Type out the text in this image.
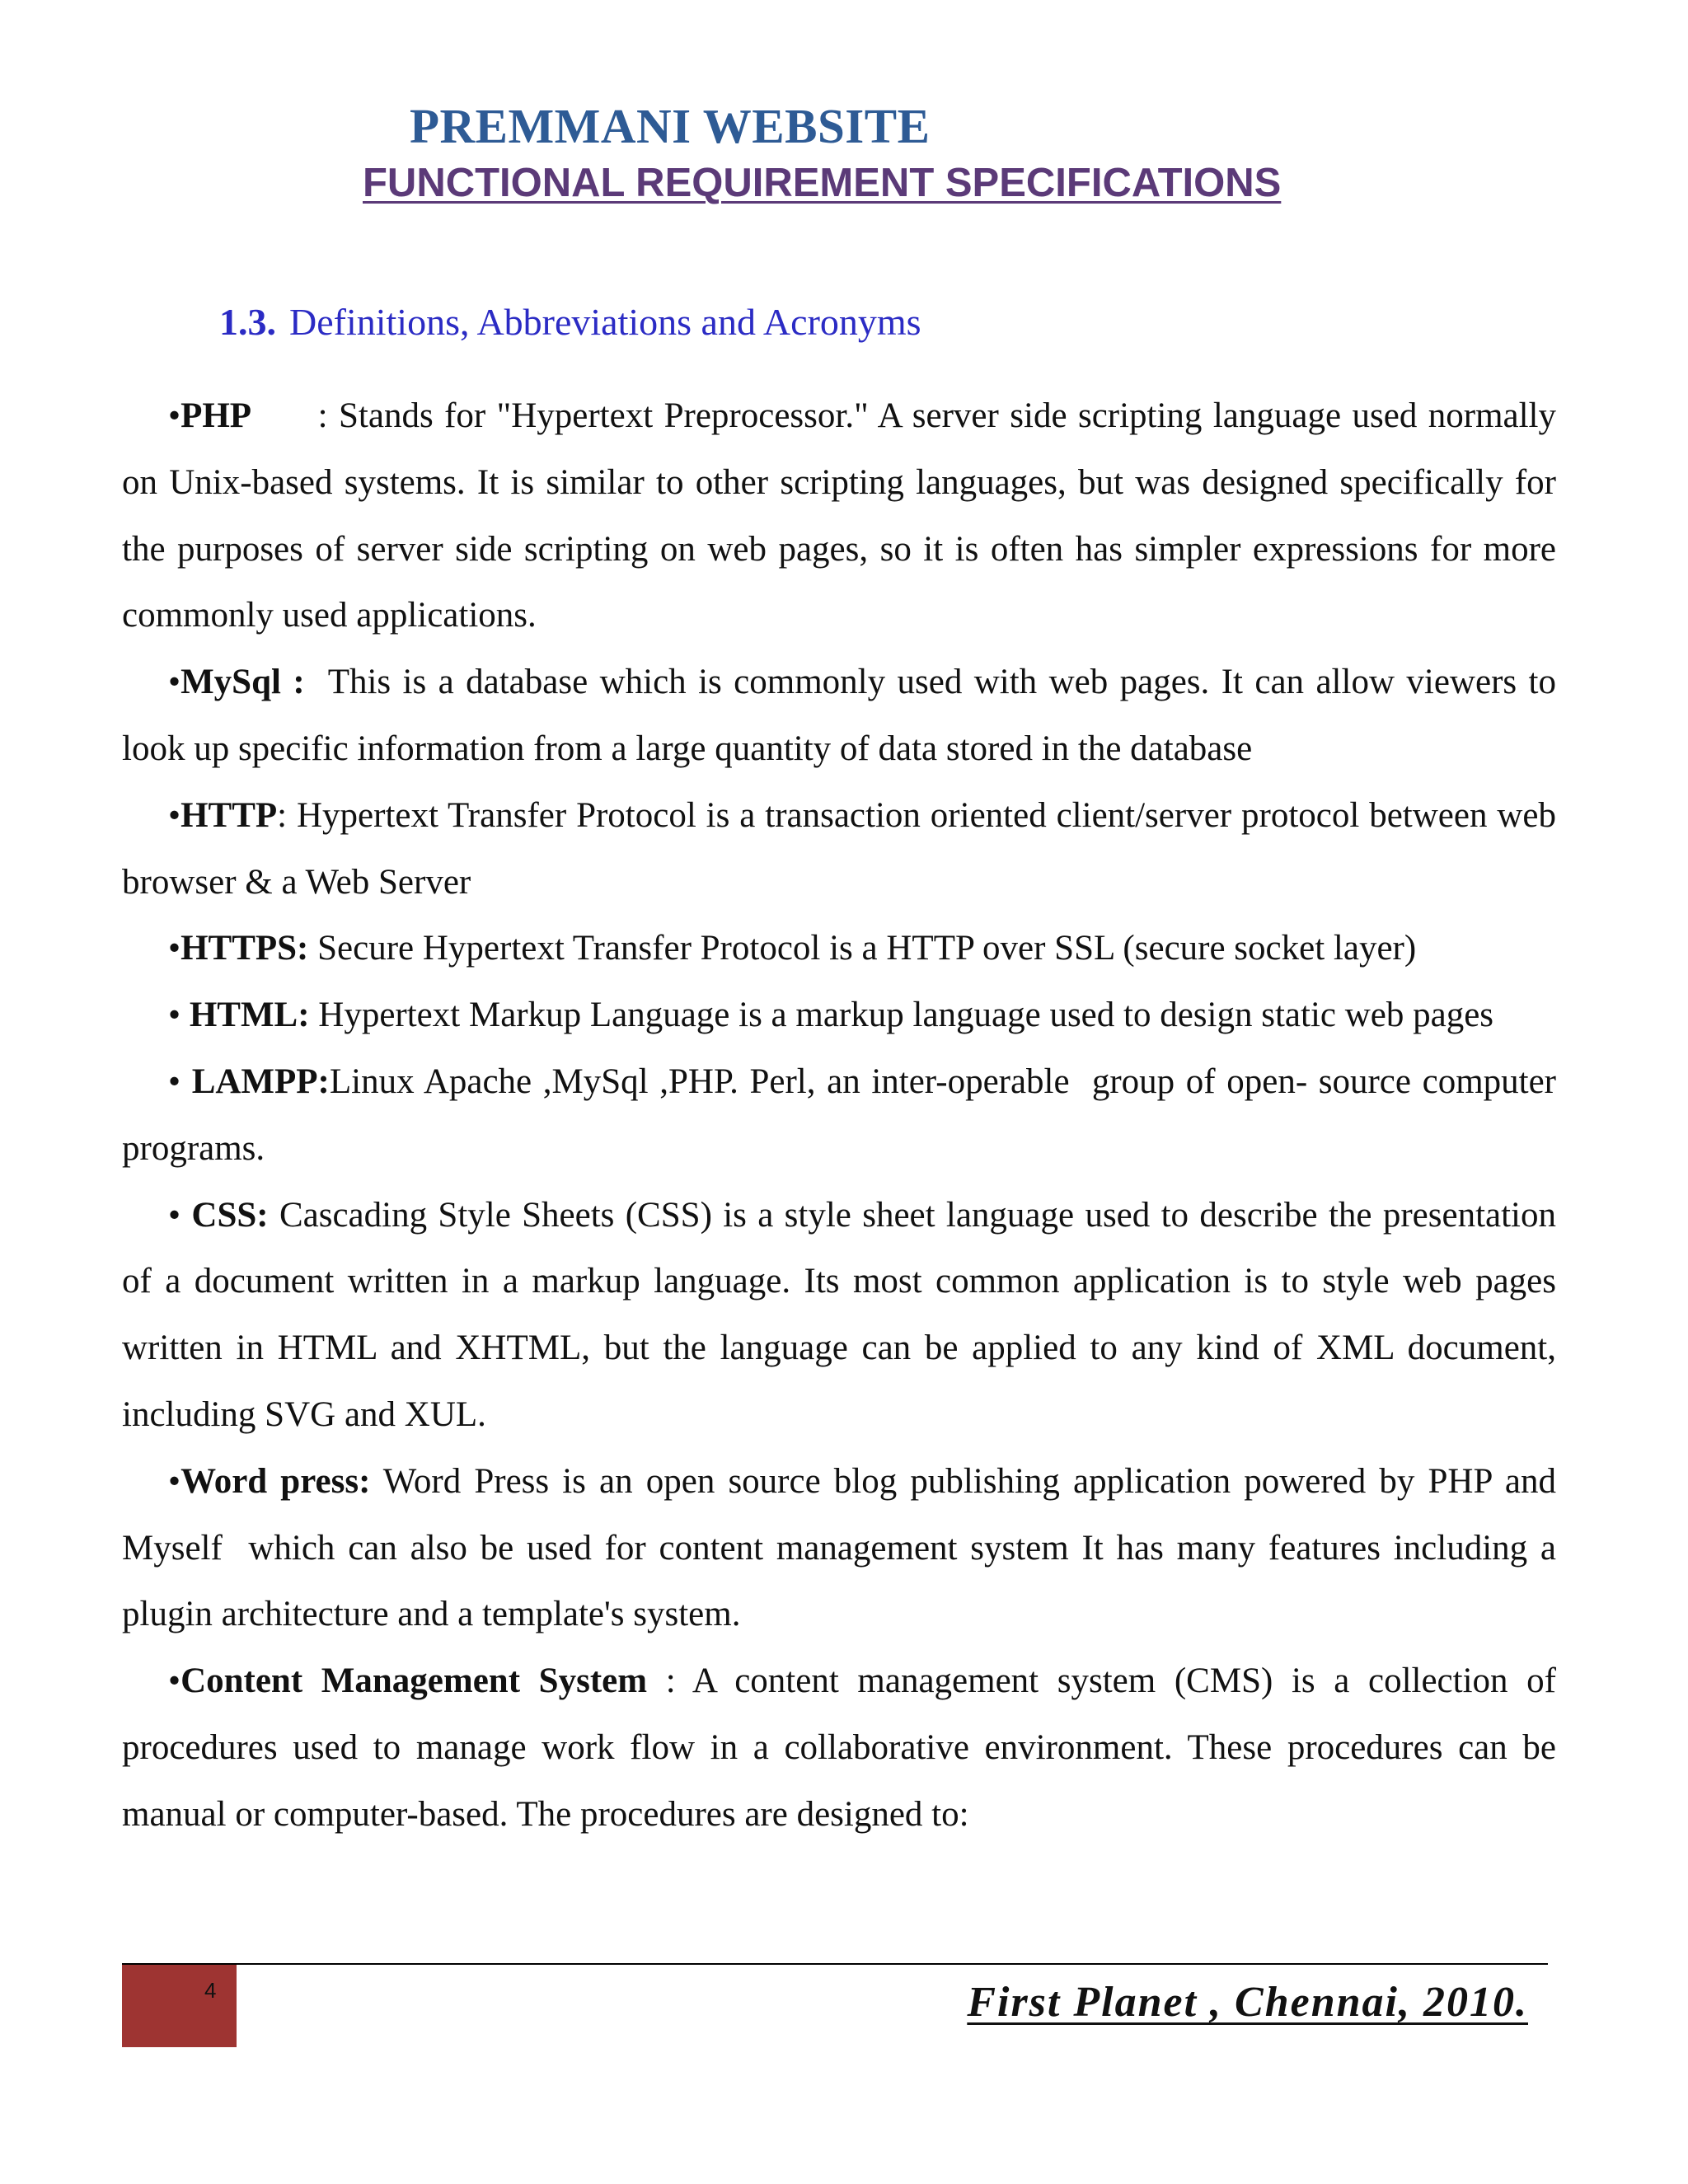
PREMMANI WEBSITE
FUNCTIONAL REQUIREMENT SPECIFICATIONS
1.3. Definitions, Abbreviations and Acronyms

•PHP      : Stands for "Hypertext Preprocessor." A server side scripting language used normally on Unix-based systems. It is similar to other scripting languages, but was designed specifically for the purposes of server side scripting on web pages, so it is often has simpler expressions for more commonly used applications.

•MySql :  This is a database which is commonly used with web pages. It can allow viewers to look up specific information from a large quantity of data stored in the database

•HTTP: Hypertext Transfer Protocol is a transaction oriented client/server protocol between web browser & a Web Server

•HTTPS: Secure Hypertext Transfer Protocol is a HTTP over SSL (secure socket layer)

• HTML: Hypertext Markup Language is a markup language used to design static web pages

• LAMPP:Linux Apache ,MySql ,PHP. Perl, an inter-operable  group of open- source computer programs.

• CSS: Cascading Style Sheets (CSS) is a style sheet language used to describe the presentation of a document written in a markup language. Its most common application is to style web pages written in HTML and XHTML, but the language can be applied to any kind of XML document, including SVG and XUL.

•Word press: Word Press is an open source blog publishing application powered by PHP and Myself  which can also be used for content management system It has many features including a plugin architecture and a template's system.

•Content Management System : A content management system (CMS) is a collection of procedures used to manage work flow in a collaborative environment. These procedures can be manual or computer-based. The procedures are designed to:

4	First Planet , Chennai, 2010.
